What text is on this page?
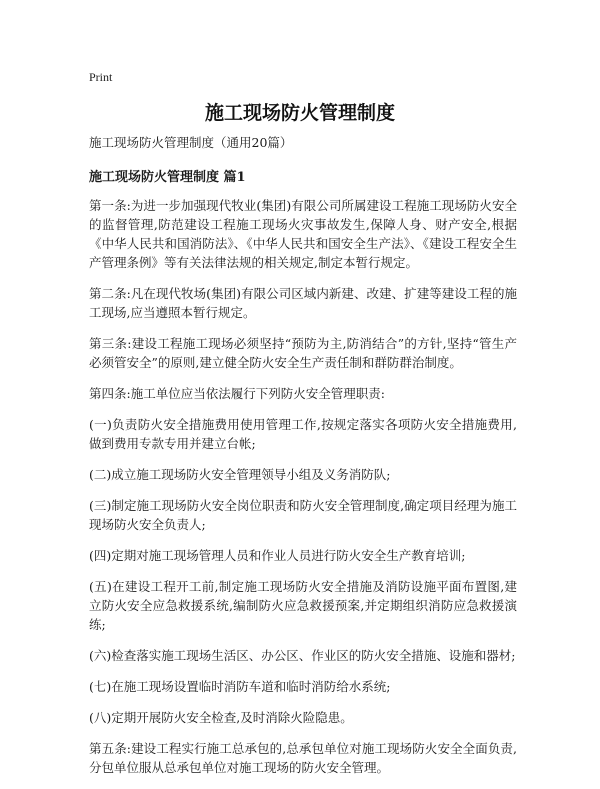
Print
施工现场防火管理制度

施工现场防火管理制度（通用20篇）

施工现场防火管理制度 篇1

第一条:为进一步加强现代牧业(集团)有限公司所属建设工程施工现场防火安全的监督管理,防范建设工程施工现场火灾事故发生,保障人身、财产安全,根据《中华人民共和国消防法》、《中华人民共和国安全生产法》、《建设工程安全生产管理条例》等有关法律法规的相关规定,制定本暂行规定。

第二条:凡在现代牧场(集团)有限公司区域内新建、改建、扩建等建设工程的施工现场,应当遵照本暂行规定。

第三条:建设工程施工现场必须坚持“预防为主,防消结合”的方针,坚持“管生产必须管安全”的原则,建立健全防火安全生产责任制和群防群治制度。

第四条:施工单位应当依法履行下列防火安全管理职责:

(一)负责防火安全措施费用使用管理工作,按规定落实各项防火安全措施费用,做到费用专款专用并建立台帐;

(二)成立施工现场防火安全管理领导小组及义务消防队;

(三)制定施工现场防火安全岗位职责和防火安全管理制度,确定项目经理为施工现场防火安全负责人;

(四)定期对施工现场管理人员和作业人员进行防火安全生产教育培训;

(五)在建设工程开工前,制定施工现场防火安全措施及消防设施平面布置图,建立防火安全应急救援系统,编制防火应急救援预案,并定期组织消防应急救援演练;

(六)检查落实施工现场生活区、办公区、作业区的防火安全措施、设施和器材;

(七)在施工现场设置临时消防车道和临时消防给水系统;

(八)定期开展防火安全检查,及时消除火险隐患。

第五条:建设工程实行施工总承包的,总承包单位对施工现场防火安全全面负责,分包单位服从总承包单位对施工现场的防火安全管理。
